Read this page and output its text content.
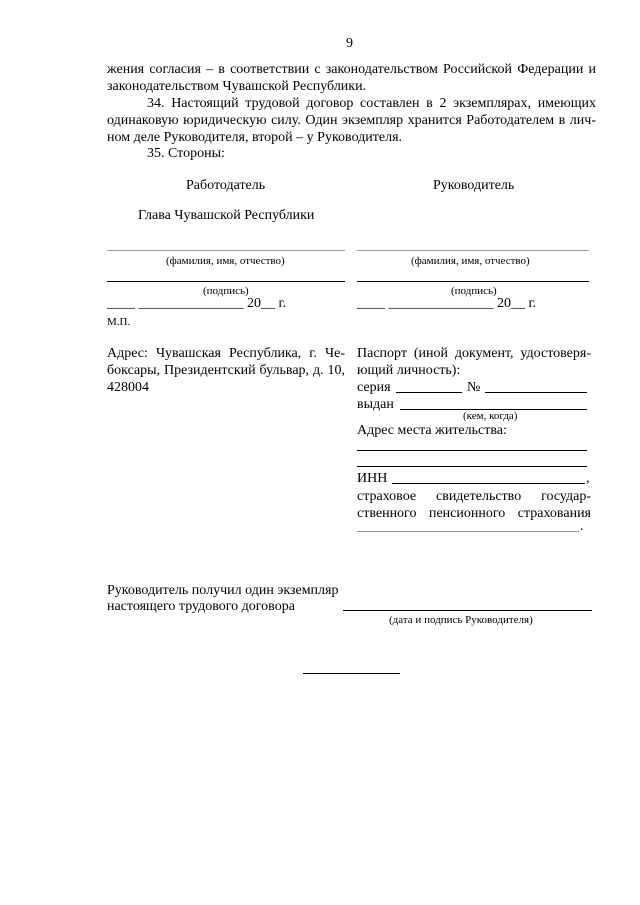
9
жения согласия – в соответствии с законодательством Российской Федерации и
законодательством Чувашской Республики.
34. Настоящий трудовой договор составлен в 2 экземплярах, имеющих
одинаковую юридическую силу. Один экземпляр хранится Работодателем в лич-
ном деле Руководителя, второй – у Руководителя.
35. Стороны:
Работодатель	Руководитель
Глава Чувашской Республики
(фамилия, имя, отчество)	(фамилия, имя, отчество)
(подпись)	(подпись)
____ _______________ 20__ г.	____ _______________ 20__ г.
М.П.
Адрес: Чувашская Республика, г. Че-
боксары, Президентский бульвар, д. 10,
428004
Паспорт (иной документ, удостоверя-
ющий личность):
серия	№
выдан
(кем, когда)
Адрес места жительства:
ИНН	,
страховое свидетельство государ-
ственного пенсионного страхования
.
Руководитель получил один экземпляр
настоящего трудового договора
(дата и подпись Руководителя)
